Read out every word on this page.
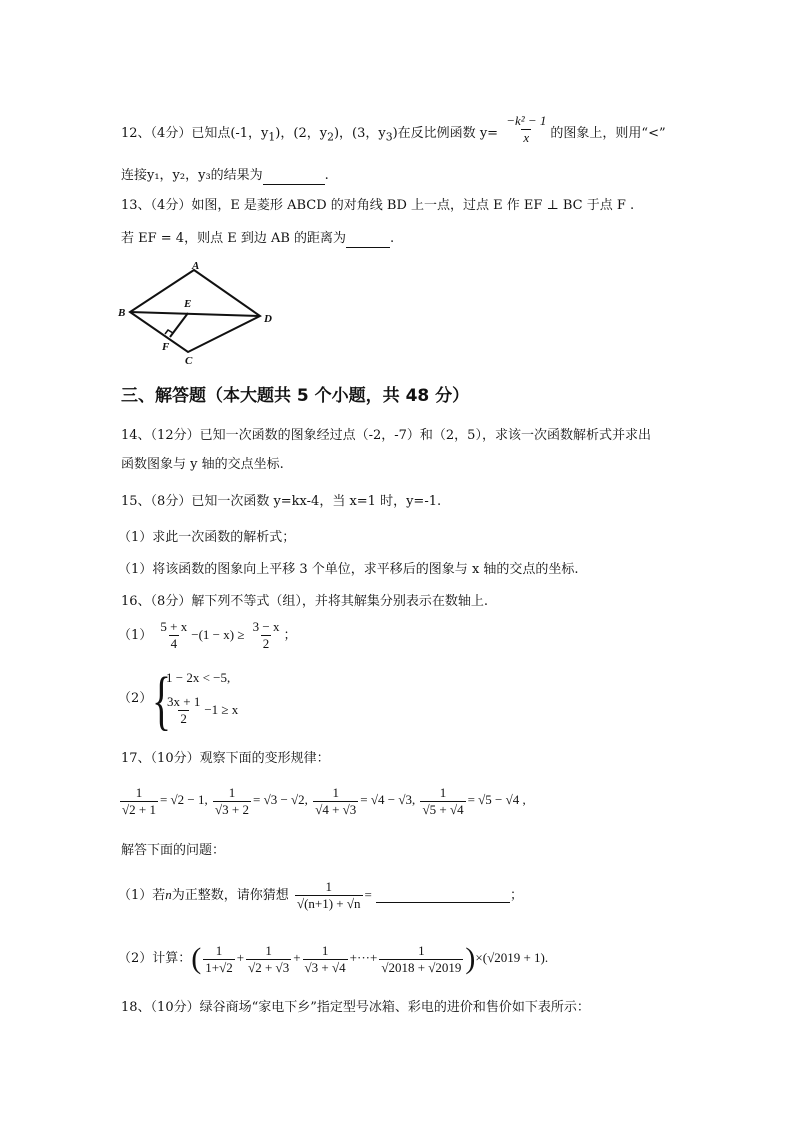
12、（4分）已知点(-1，$y_1$)，(2，$y_2$)，(3，$y_3$)在反比例函数 $y= \frac{\text{−k² − 1}}{x}$ 的图象上，则用“<”
连接y₁，y₂，y₃的结果为	.
13、（4分）如图，E 是菱形 ABCD 的对角线 BD 上一点，过点 E 作 EF ⊥ BC 于点 F .
若 EF = 4，则点 E 到边 AB 的距离为	.
A
B
C
D
E
F
三、解答题（本大题共 5 个小题，共 48 分）
14、（12分）已知一次函数的图象经过点（-2，-7）和（2，5），求该一次函数解析式并求出
函数图象与 y 轴的交点坐标.
15、（8分）已知一次函数 y=kx-4，当 x=1 时，y=-1.
（1）求此一次函数的解析式；
（1）将该函数的图象向上平移 3 个单位，求平移后的图象与 x 轴的交点的坐标.
16、（8分）解下列不等式（组），并将其解集分别表示在数轴上.
$(1) \frac{5 + x}{4} -(1 - x) \ge \frac{3 - x}{2}$ ；
（2） {
1 − 2x < −5,
$\frac{3x + 1}{2} -1 \ge x$
17、（10分）观察下面的变形规律：
$\frac{1}{√2 + 1} = √2 - 1$, $\frac{1}{√3 + 2} = √3 - √2$, $\frac{1}{√4 + √3} = √4 - √3$, $\frac{1}{√5 + √4} = √5 - √4$ ,
解答下面的问题：
（1）若n为正整数，请你猜想 $\frac{1}{√(n+1) + √n}$ =	；
（2）计算：( $\frac{1}{1+√2} + \frac{1}{√2 + √3} + \frac{1}{√3 + √4}$ +···+ $\frac{1}{√2018 + √2019} )\times(√2019 + 1)$.
18、（10分）绿谷商场“家电下乡”指定型号冰箱、彩电的进价和售价如下表所示：
